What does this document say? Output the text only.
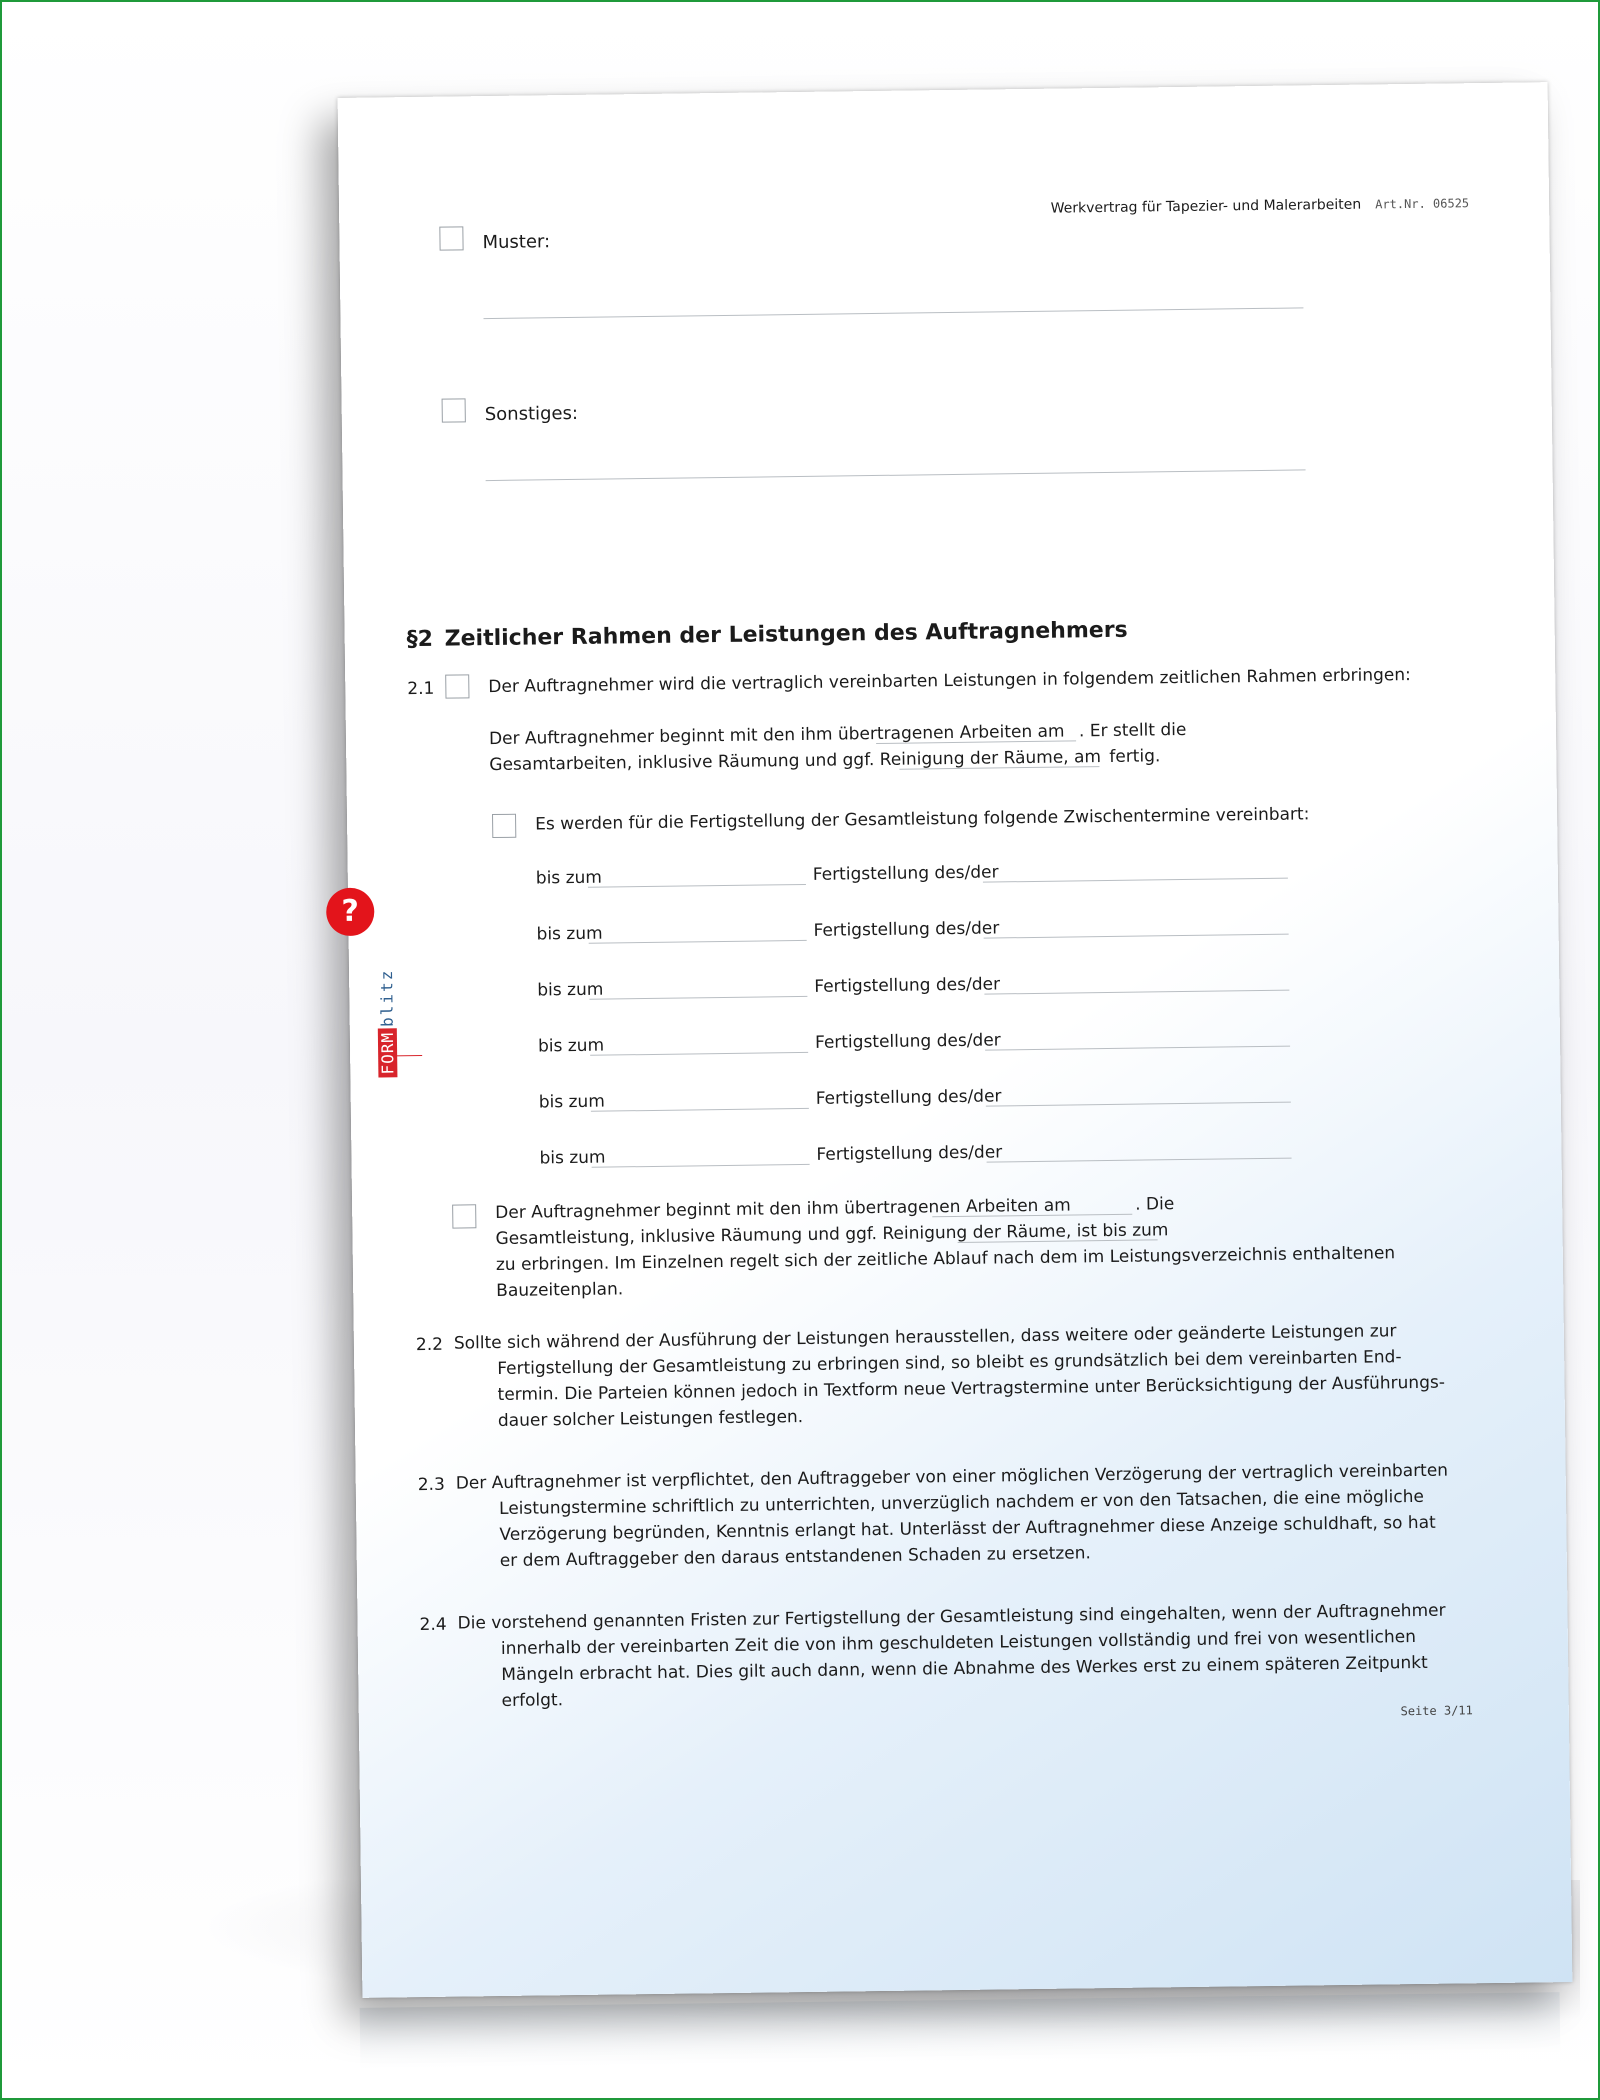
Werkvertrag für Tapezier- und Malerarbeiten Art.Nr. 06525
Muster:
Sonstiges:
§2 Zeitlicher Rahmen der Leistungen des Auftragnehmers
2.1	Der Auftragnehmer wird die vertraglich vereinbarten Leistungen in folgendem zeitlichen Rahmen erbringen:
Der Auftragnehmer beginnt mit den ihm übertragenen Arbeiten am . Er stellt die
Gesamtarbeiten, inklusive Räumung und ggf. Reinigung der Räume, am fertig.
Es werden für die Fertigstellung der Gesamtleistung folgende Zwischentermine vereinbart:
bis zum	Fertigstellung des/der
bis zum	Fertigstellung des/der
bis zum	Fertigstellung des/der
bis zum	Fertigstellung des/der
bis zum	Fertigstellung des/der
bis zum	Fertigstellung des/der
Der Auftragnehmer beginnt mit den ihm übertragenen Arbeiten am	. Die
Gesamtleistung, inklusive Räumung und ggf. Reinigung der Räume, ist bis zum
zu erbringen. Im Einzelnen regelt sich der zeitliche Ablauf nach dem im Leistungsverzeichnis enthaltenen
Bauzeitenplan.
2.2 Sollte sich während der Ausführung der Leistungen herausstellen, dass weitere oder geänderte Leistungen zur
Fertigstellung der Gesamtleistung zu erbringen sind, so bleibt es grundsätzlich bei dem vereinbarten End-
termin. Die Parteien können jedoch in Textform neue Vertragstermine unter Berücksichtigung der Ausführungs-
dauer solcher Leistungen festlegen.
2.3 Der Auftragnehmer ist verpflichtet, den Auftraggeber von einer möglichen Verzögerung der vertraglich vereinbarten
Leistungstermine schriftlich zu unterrichten, unverzüglich nachdem er von den Tatsachen, die eine mögliche
Verzögerung begründen, Kenntnis erlangt hat. Unterlässt der Auftragnehmer diese Anzeige schuldhaft, so hat
er dem Auftraggeber den daraus entstandenen Schaden zu ersetzen.
2.4 Die vorstehend genannten Fristen zur Fertigstellung der Gesamtleistung sind eingehalten, wenn der Auftragnehmer
innerhalb der vereinbarten Zeit die von ihm geschuldeten Leistungen vollständig und frei von wesentlichen
Mängeln erbracht hat. Dies gilt auch dann, wenn die Abnahme des Werkes erst zu einem späteren Zeitpunkt
erfolgt.	Seite 3/11
?
FORMblitz
